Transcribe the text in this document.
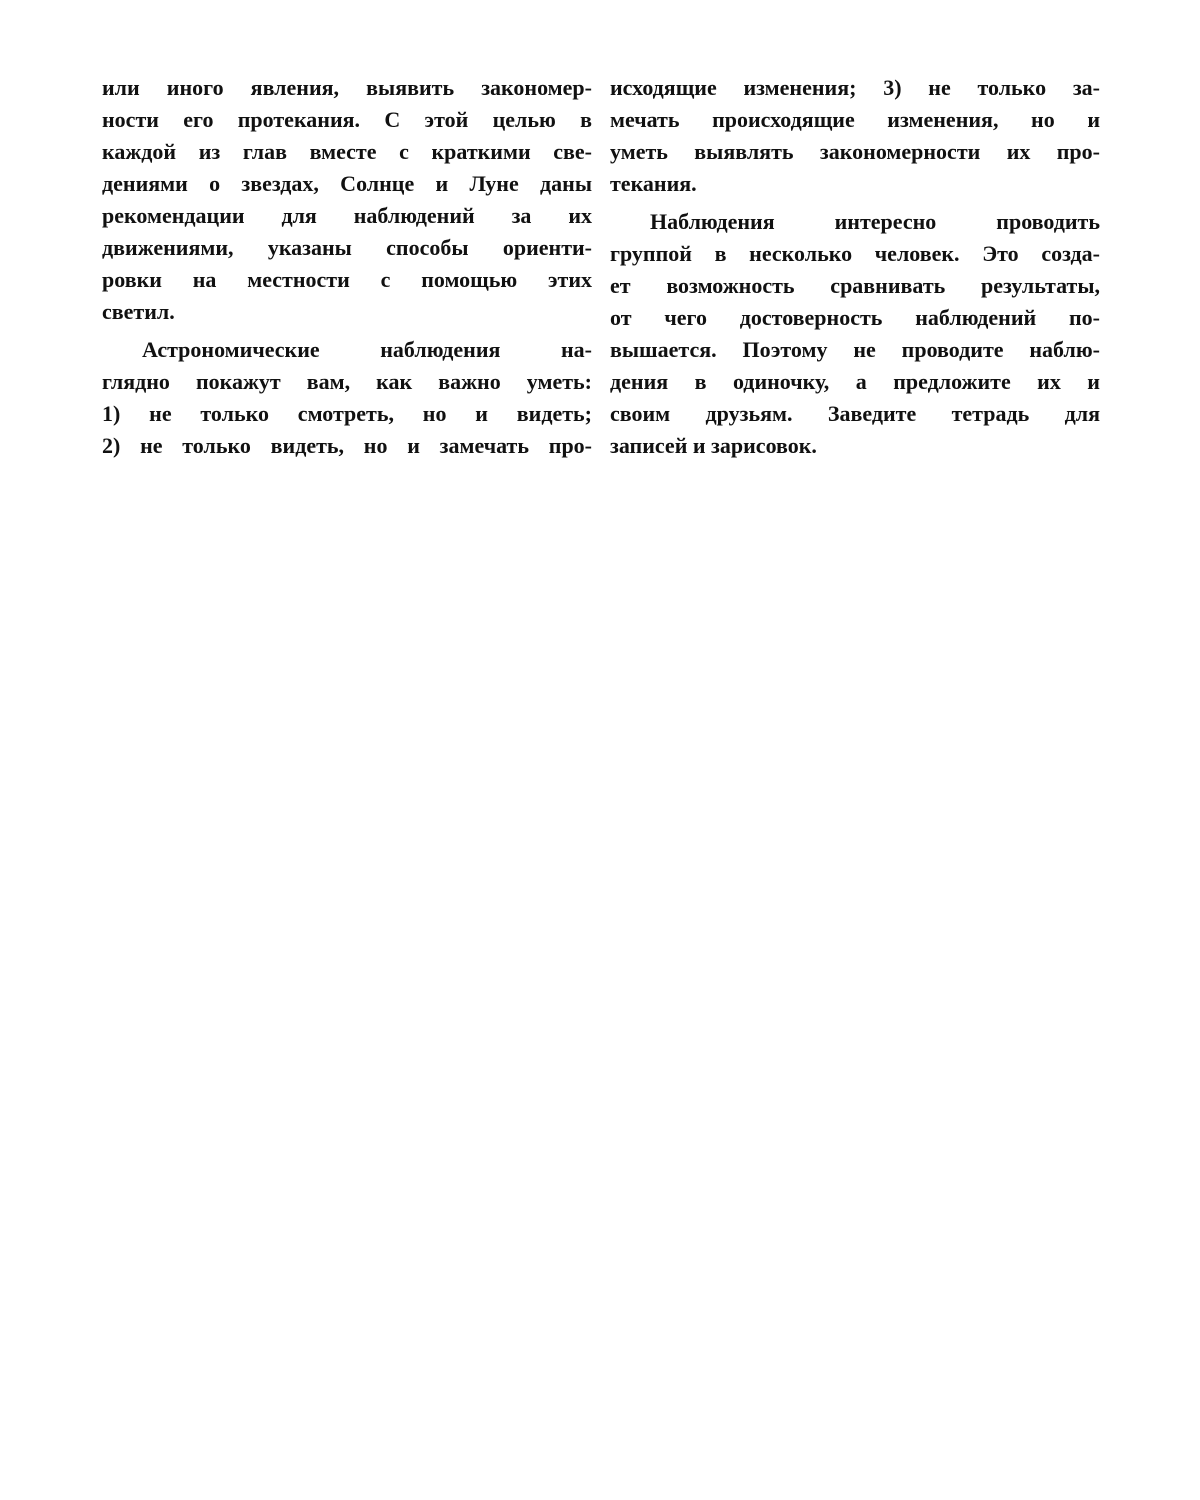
или иного явления, выявить закономер-
ности его протекания. С этой целью в
каждой из глав вместе с краткими све-
дениями о звездах, Солнце и Луне даны
рекомендации для наблюдений за их
движениями, указаны способы ориенти-
ровки на местности с помощью этих
светил.
Астрономические наблюдения на-
глядно покажут вам, как важно уметь:
1) не только смотреть, но и видеть;
2) не только видеть, но и замечать про-
исходящие изменения; 3) не только за-
мечать происходящие изменения, но и
уметь выявлять закономерности их про-
текания.
Наблюдения интересно проводить
группой в несколько человек. Это созда-
ет возможность сравнивать результаты,
от чего достоверность наблюдений по-
вышается. Поэтому не проводите наблю-
дения в одиночку, а предложите их и
своим друзьям. Заведите тетрадь для
записей и зарисовок.
